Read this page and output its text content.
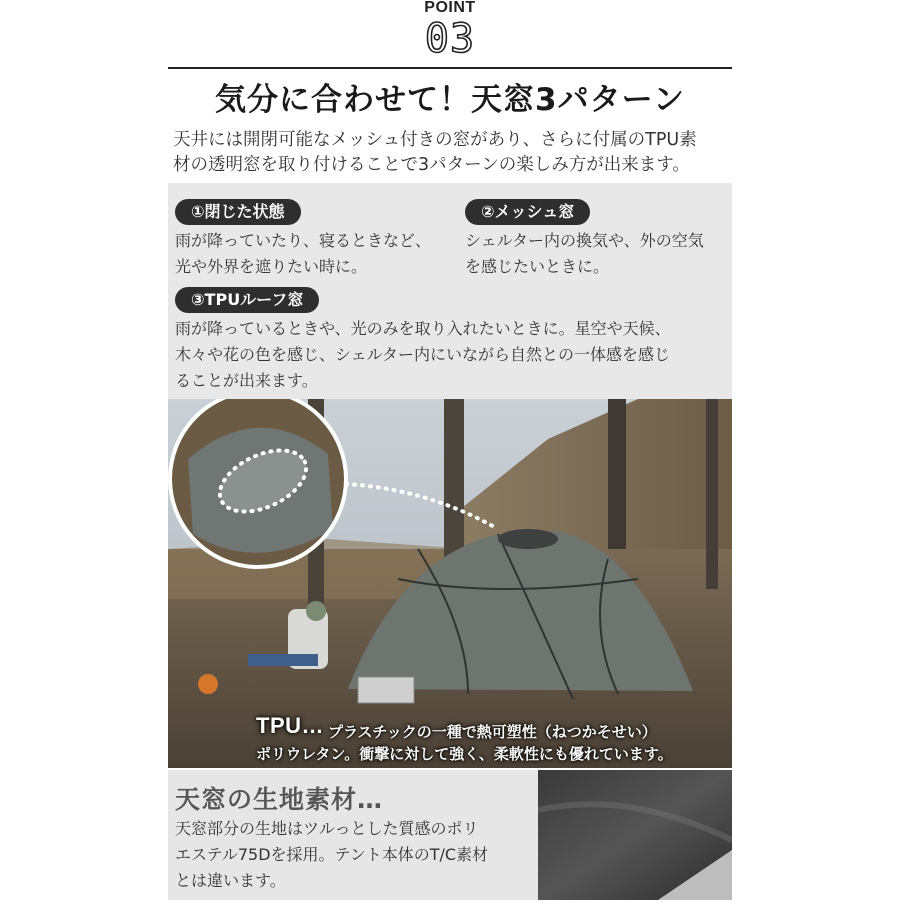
POINT
03
気分に合わせて！天窓3パターン
天井には開閉可能なメッシュ付きの窓があり、さらに付属のTPU素
材の透明窓を取り付けることで3パターンの楽しみ方が出来ます。
①閉じた状態
雨が降っていたり、寝るときなど、
光や外界を遮りたい時に。
②メッシュ窓
シェルター内の換気や、外の空気
を感じたいときに。
③TPUルーフ窓
雨が降っているときや、光のみを取り入れたいときに。星空や天候、
木々や花の色を感じ、シェルター内にいながら自然との一体感を感じ
ることが出来ます。
TPU… プラスチックの一種で熱可塑性（ねつかそせい）
ポリウレタン。衝撃に対して強く、柔軟性にも優れています。
天窓の生地素材…
天窓部分の生地はツルっとした質感のポリ
エステル75Dを採用。テント本体のT/C素材
とは違います。
